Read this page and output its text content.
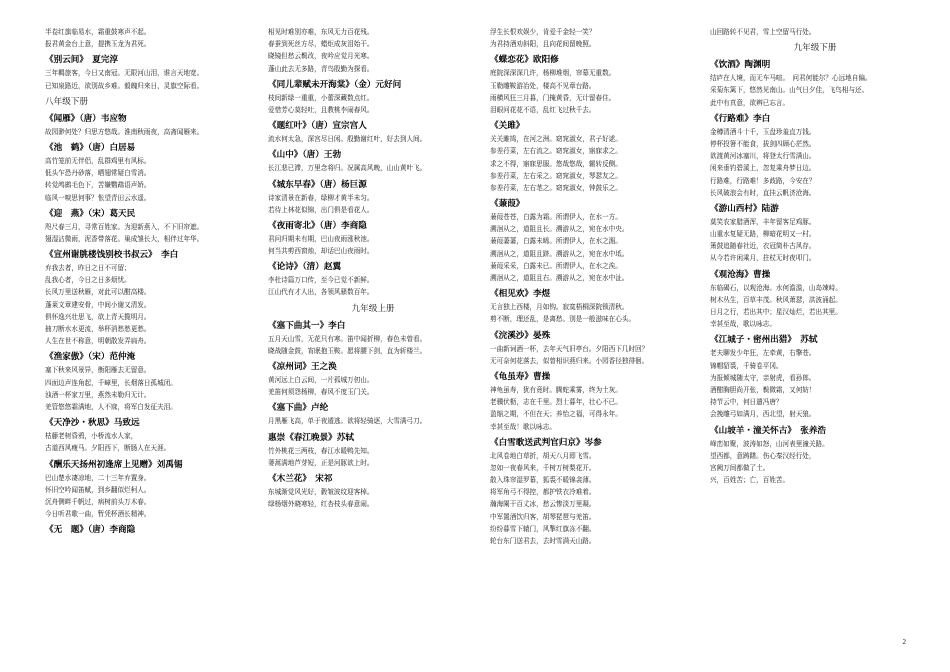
半卷红旗临易水，霜重鼓寒声不起。
报君黄金台上意，提携玉龙为君死。
《别云间》　夏完淳
三年羁旅客，今日又南冠。无限河山泪，谁言天地宽。
已知泉路近，欲别故乡难。毅魄归来日，灵旗空际看。
八年级下册
《闻雁》（唐）韦应物
故园渺何处？归思方悠哉。淮南秋雨夜，高斋闻雁来。
《池　鹤》（唐）白居易
高竹笼前无伴侣，乱群鸡里有风标。
低头乍恐丹砂落，晒翅常疑白雪消。
转觉鸬鹚毛色下，苦嫌鹦鹉语声娇。
临风一唳思何事？怅望青田云水遥。
《迎　燕》（宋）葛天民
咫尺春三月，寻常百姓家。为迎新燕入，不下旧帘遮。
翅湿沾微雨，泥香带落花。巢成雏长大，相伴过年华。
《宣州谢朓楼饯别校书叔云》　李白
弃我去者，昨日之日不可留；
乱我心者，今日之日多烦忧。
长风万里送秋雁，对此可以酣高楼。
蓬莱文章建安骨，中间小谢又清发。
俱怀逸兴壮思飞，欲上青天揽明月。
抽刀断水水更流，举杯消愁愁更愁。
人生在世不称意，明朝散发弄扁舟。
《渔家傲》（宋）范仲淹
塞下秋来风景异，衡阳雁去无留意。
四面边声连角起，千嶂里，长烟落日孤城闭。
浊酒一杯家万里，燕然未勒归无计。
羌管悠悠霜满地，人不寐，将军白发征夫泪。
《天净沙・秋思》马致远
枯藤老树昏鸦，小桥流水人家，
古道西风瘦马。夕阳西下，断肠人在天涯。
《酬乐天扬州初逢席上见赠》刘禹锡
巴山楚水凄凉地，二十三年弃置身。
怀旧空吟闻笛赋，到乡翻似烂柯人。
沉舟侧畔千帆过，病树前头万木春。
今日听君歌一曲，暂凭杯酒长精神。
《无　题》（唐）李商隐
相见时难别亦难，东风无力百花残。
春蚕到死丝方尽，蜡炬成灰泪始干。
晓镜但愁云鬓改，夜吟应觉月光寒。
蓬山此去无多路，青鸟殷勤为探看。
《同儿辈赋未开海棠》（金）元好问
枝间新绿一重重，小蕾深藏数点红。
爱惜芳心莫轻吐，且教桃李闹春风。
《题红叶》（唐）宣宗宫人
流水何太急，深宫尽日闲。殷勤谢红叶，好去到人间。
《山中》（唐）王勃
长江悲已滞，万里念将归。况属高风晚，山山黄叶飞。
《城东早春》（唐）杨巨源
诗家清景在新春，绿柳才黄半未匀。
若待上林花似锦，出门俱是看花人。
《夜雨寄北》（唐）李商隐
君问归期未有期，巴山夜雨涨秋池。
何当共剪西窗烛，却话巴山夜雨时。
《论诗》（清）赵翼
李杜诗篇万口传，至今已觉不新鲜。
江山代有才人出，各领风骚数百年。
九年级上册
《塞下曲其一》李白
五月天山雪，无花只有寒。笛中闻折柳，春色未曾看。
晓战随金鼓，宵眠抱玉鞍。愿将腰下剑，直为斩楼兰。
《凉州词》王之涣
黄河远上白云间，一片孤城万仞山。
羌笛何须怨杨柳，春风不度玉门关。
《塞下曲》卢纶
月黑雁飞高，单于夜遁逃。欲将轻骑逐，大雪满弓刀。
惠崇《春江晚景》苏轼
竹外桃花三两枝，春江水暖鸭先知。
蒌蒿满地芦芽短，正是河豚欲上时。
《木兰花》　宋祁
东城渐觉风光好，縠皱波纹迎客棹。
绿杨烟外晓寒轻，红杏枝头春意闹。
浮生长恨欢娱少，肯爱千金轻一笑？
为君持酒劝斜阳，且向花间留晚照。
《蝶恋花》欧阳修
庭院深深深几许，杨柳堆烟，帘幕无重数。
玉勒雕鞍游冶处，楼高不见章台路。
雨横风狂三月暮，门掩黄昏，无计留春住。
泪眼问花花不语，乱红飞过秋千去。
《关雎》
关关雎鸠，在河之洲。窈窕淑女，君子好逑。
参差荇菜，左右流之。窈窕淑女，寤寐求之。
求之不得，寤寐思服。悠哉悠哉，辗转反侧。
参差荇菜，左右采之。窈窕淑女，琴瑟友之。
参差荇菜，左右芼之。窈窕淑女，钟鼓乐之。
《蒹葭》
蒹葭苍苍，白露为霜。所谓伊人，在水一方。
溯洄从之，道阻且长。溯游从之，宛在水中央。
蒹葭萋萋，白露未晞。所谓伊人，在水之湄。
溯洄从之，道阻且跻。溯游从之，宛在水中坻。
蒹葭采采，白露未已。所谓伊人，在水之涘。
溯洄从之，道阻且右。溯游从之，宛在水中沚。
《相见欢》李煜
无言独上西楼，月如钩。寂寞梧桐深院锁清秋。
剪不断，理还乱，是离愁。别是一般滋味在心头。
《浣溪沙》晏殊
一曲新词酒一杯，去年天气旧亭台。夕阳西下几时回？
无可奈何花落去，似曾相识燕归来。小园香径独徘徊。
《龟虽寿》曹操
神龟虽寿，犹有竟时。腾蛇乘雾，终为土灰。
老骥伏枥，志在千里。烈士暮年，壮心不已。
盈缩之期，不但在天；养怡之福，可得永年。
幸甚至哉！歌以咏志。
《白雪歌送武判官归京》岑参
北风卷地白草折，胡天八月即飞雪。
忽如一夜春风来，千树万树梨花开。
散入珠帘湿罗幕，狐裘不暖锦衾薄。
将军角弓不得控，都护铁衣冷难着。
瀚海阑干百丈冰，愁云惨淡万里凝。
中军置酒饮归客，胡琴琵琶与羌笛。
纷纷暮雪下辕门，风掣红旗冻不翻。
轮台东门送君去，去时雪满天山路。
山回路转不见君，雪上空留马行处。
九年级下册
《饮酒》陶渊明
结庐在人境，而无车马喧。　问君何能尔？心远地自偏。
采菊东篱下，悠然见南山。山气日夕佳，飞鸟相与还。
此中有真意，欲辨已忘言。
《行路难》李白
金樽清酒斗十千，玉盘珍羞直万钱。
停杯投箸不能食，拔剑四顾心茫然。
欲渡黄河冰塞川，将登太行雪满山。
闲来垂钓碧溪上，忽复乘舟梦日边。
行路难，行路难！多歧路，今安在？
长风破浪会有时，直挂云帆济沧海。
《游山西村》陆游
莫笑农家腊酒浑，丰年留客足鸡豚。
山重水复疑无路，柳暗花明又一村。
箫鼓追随春社近，衣冠简朴古风存。
从今若许闲乘月，拄杖无时夜叩门。
《观沧海》曹操
东临碣石，以观沧海。水何澹澹，山岛竦峙。
树木丛生，百草丰茂。秋风萧瑟，洪波涌起。
日月之行，若出其中；星汉灿烂，若出其里。
幸甚至哉，歌以咏志。
《江城子・密州出猎》　苏轼
老夫聊发少年狂，左牵黄，右擎苍。
锦帽貂裘，千骑卷平冈。
为报倾城随太守，亲射虎，看孙郎。
酒酣胸胆尚开张，鬓微霜，又何妨！
持节云中，何日遣冯唐？
会挽雕弓如满月，西北望，射天狼。
《山坡羊・潼关怀古》　张养浩
峰峦如聚，波涛如怒，山河表里潼关路。
望西都，意踌躇。伤心秦汉经行处，
宫阙万间都做了土。
兴，百姓苦；亡，百姓苦。
2
